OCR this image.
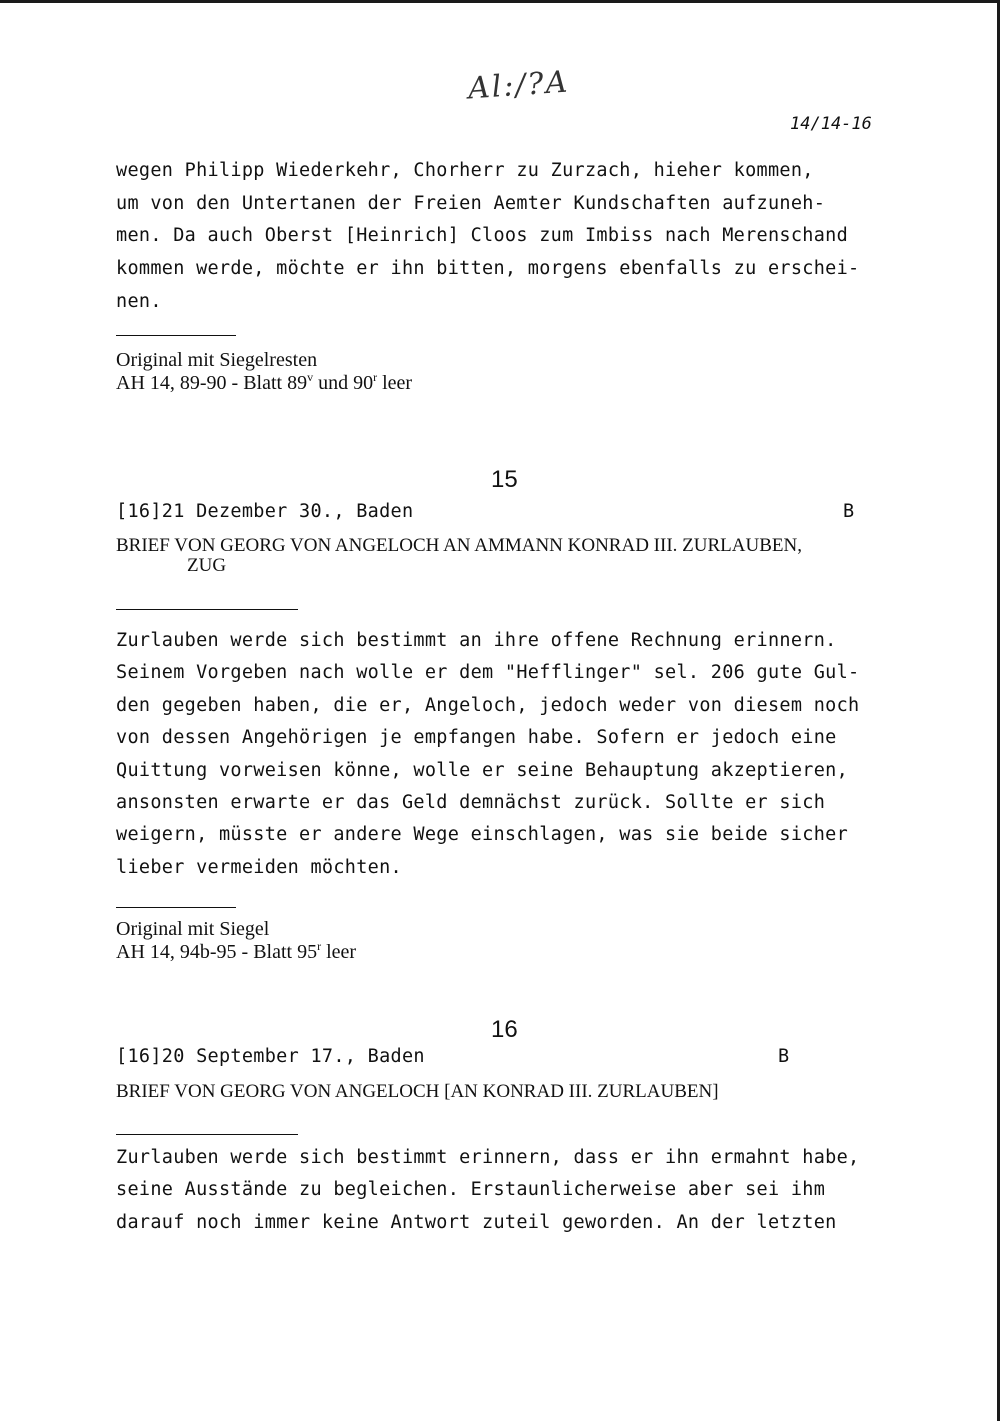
Al:/?A
14/14-16
wegen Philipp Wiederkehr, Chorherr zu Zurzach, hieher kommen,
um von den Untertanen der Freien Aemter Kundschaften aufzuneh-
men. Da auch Oberst [Heinrich] Cloos zum Imbiss nach Merenschand
kommen werde, möchte er ihn bitten, morgens ebenfalls zu erschei-
nen.
Original mit Siegelresten
AH 14, 89-90 - Blatt 89$^v$ und 90$^r$ leer
15
[16]21 Dezember 30., Baden	B
BRIEF VON GEORG VON ANGELOCH AN AMMANN KONRAD III. ZURLAUBEN,
ZUG
Zurlauben werde sich bestimmt an ihre offene Rechnung erinnern.
Seinem Vorgeben nach wolle er dem "Hefflinger" sel. 206 gute Gul-
den gegeben haben, die er, Angeloch, jedoch weder von diesem noch
von dessen Angehörigen je empfangen habe. Sofern er jedoch eine
Quittung vorweisen könne, wolle er seine Behauptung akzeptieren,
ansonsten erwarte er das Geld demnächst zurück. Sollte er sich
weigern, müsste er andere Wege einschlagen, was sie beide sicher
lieber vermeiden möchten.
Original mit Siegel
AH 14, 94b-95 - Blatt 95$^r$ leer
16
[16]20 September 17., Baden	B
BRIEF VON GEORG VON ANGELOCH [AN KONRAD III. ZURLAUBEN]
Zurlauben werde sich bestimmt erinnern, dass er ihn ermahnt habe,
seine Ausstände zu begleichen. Erstaunlicherweise aber sei ihm
darauf noch immer keine Antwort zuteil geworden. An der letzten
